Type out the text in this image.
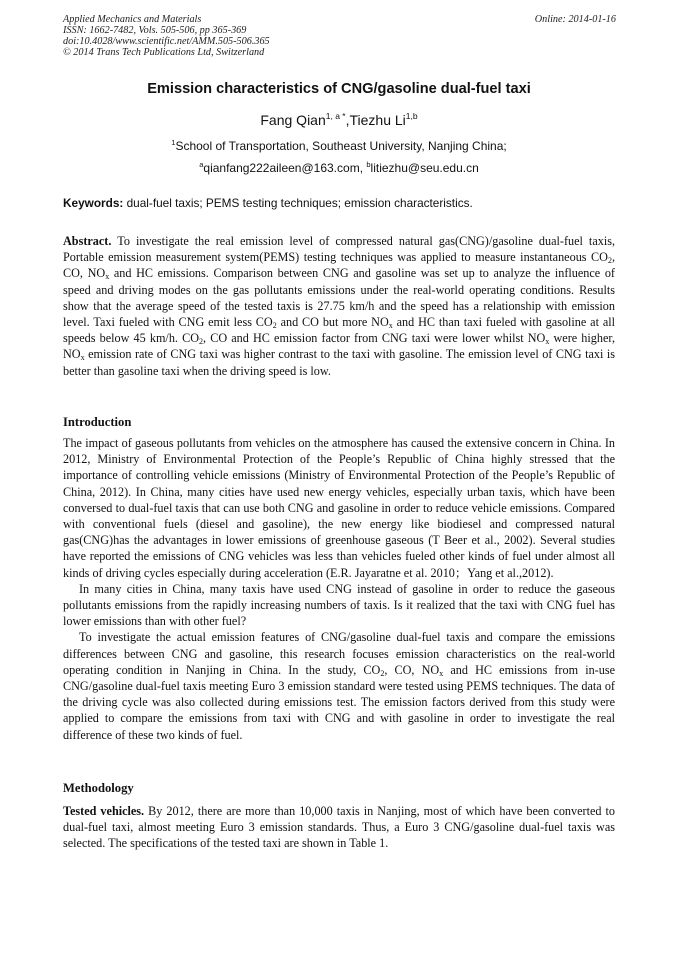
Applied Mechanics and Materials
ISSN: 1662-7482, Vols. 505-506, pp 365-369
doi:10.4028/www.scientific.net/AMM.505-506.365
© 2014 Trans Tech Publications Ltd, Switzerland
Online: 2014-01-16
Emission characteristics of CNG/gasoline dual-fuel taxi
Fang Qian$^{1, a *}$,Tiezhu Li$^{1,b}$
$^1$School of Transportation, Southeast University, Nanjing China;
$^a$qianfang222aileen@163.com, $^b$litiezhu@seu.edu.cn
Keywords: dual-fuel taxis; PEMS testing techniques; emission characteristics.

Abstract. To investigate the real emission level of compressed natural gas(CNG)/gasoline dual-fuel taxis, Portable emission measurement system(PEMS) testing techniques was applied to measure instantaneous $CO_2$, CO, $NO_x$ and HC emissions. Comparison between CNG and gasoline was set up to analyze the influence of speed and driving modes on the gas pollutants emissions under the real-world operating conditions. Results show that the average speed of the tested taxis is 27.75 km/h and the speed has a relationship with emission level. Taxi fueled with CNG emit less $CO_2$ and CO but more $NO_x$ and HC than taxi fueled with gasoline at all speeds below 45 km/h. $CO_2$, CO and HC emission factor from CNG taxi were lower whilst $NO_x$ were higher, $NO_x$ emission rate of CNG taxi was higher contrast to the taxi with gasoline. The emission level of CNG taxi is better than gasoline taxi when the driving speed is low.

Introduction

The impact of gaseous pollutants from vehicles on the atmosphere has caused the extensive concern in China. In 2012, Ministry of Environmental Protection of the People’s Republic of China highly stressed that the importance of controlling vehicle emissions (Ministry of Environmental Protection of the People’s Republic of China, 2012). In China, many cities have used new energy vehicles, especially urban taxis, which have been conversed to dual-fuel taxis that can use both CNG and gasoline in order to reduce vehicle emissions. Compared with conventional fuels (diesel and gasoline), the new energy like biodiesel and compressed natural gas(CNG)has the advantages in lower emissions of greenhouse gaseous (T Beer et al., 2002). Several studies have reported the emissions of CNG vehicles was less than vehicles fueled other kinds of fuel under almost all kinds of driving cycles especially during acceleration (E.R. Jayaratne et al. 2010；Yang et al.,2012).

In many cities in China, many taxis have used CNG instead of gasoline in order to reduce the gaseous pollutants emissions from the rapidly increasing numbers of taxis. Is it realized that the taxi with CNG fuel has lower emissions than with other fuel?

To investigate the actual emission features of CNG/gasoline dual-fuel taxis and compare the emissions differences between CNG and gasoline, this research focuses emission characteristics on the real-world operating condition in Nanjing in China. In the study, $CO_2$, CO, $NO_x$ and HC emissions from in-use CNG/gasoline dual-fuel taxis meeting Euro 3 emission standard were tested using PEMS techniques. The data of the driving cycle was also collected during emissions test. The emission factors derived from this study were applied to compare the emissions from taxi with CNG and with gasoline in order to investigate the real difference of these two kinds of fuel.

Methodology

Tested vehicles. By 2012, there are more than 10,000 taxis in Nanjing, most of which have been converted to dual-fuel taxi, almost meeting Euro 3 emission standards. Thus, a Euro 3 CNG/gasoline dual-fuel taxis was selected. The specifications of the tested taxi are shown in Table 1.
